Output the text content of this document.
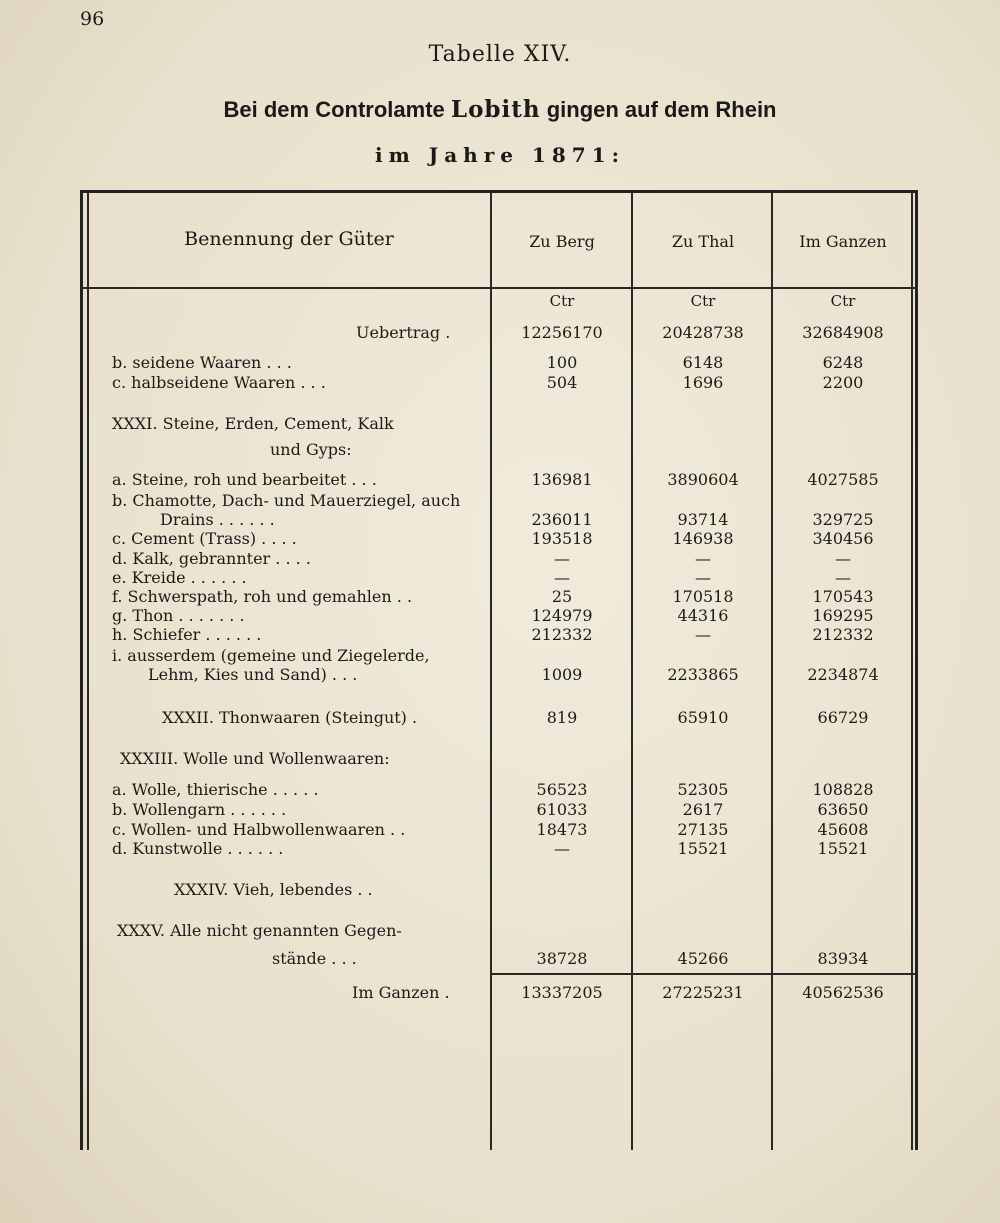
96
Tabelle XIV.
Bei dem Controlamte Lobith gingen auf dem Rhein
im Jahre 1871:
Benennung der Güter	Zu Berg	Zu Thal	Im Ganzen
Ctr	Ctr	Ctr
Uebertrag .	12256170	20428738	32684908
b. seidene Waaren . . .	100	6148	6248
c. halbseidene Waaren . . .	504	1696	2200
XXXI. Steine, Erden, Cement, Kalk
und Gyps:
a. Steine, roh und bearbeitet . . .	136981	3890604	4027585
b. Chamotte, Dach- und Mauerziegel, auch
Drains . . . . . .	236011	93714	329725
c. Cement (Trass) . . . .	193518	146938	340456
d. Kalk, gebrannter . . . .	—	—	—
e. Kreide . . . . . .	—	—	—
f. Schwerspath, roh und gemahlen . .	25	170518	170543
g. Thon . . . . . . .	124979	44316	169295
h. Schiefer . . . . . .	212332	—	212332
i. ausserdem (gemeine und Ziegelerde,
Lehm, Kies und Sand) . . .	1009	2233865	2234874
XXXII. Thonwaaren (Steingut) .	819	65910	66729
XXXIII. Wolle und Wollenwaaren:
a. Wolle, thierische . . . . .	56523	52305	108828
b. Wollengarn . . . . . .	61033	2617	63650
c. Wollen- und Halbwollenwaaren . .	18473	27135	45608
d. Kunstwolle . . . . . .	—	15521	15521
XXXIV. Vieh, lebendes . .
XXXV. Alle nicht genannten Gegen-
stände . . .	38728	45266	83934
Im Ganzen .	13337205	27225231	40562536
